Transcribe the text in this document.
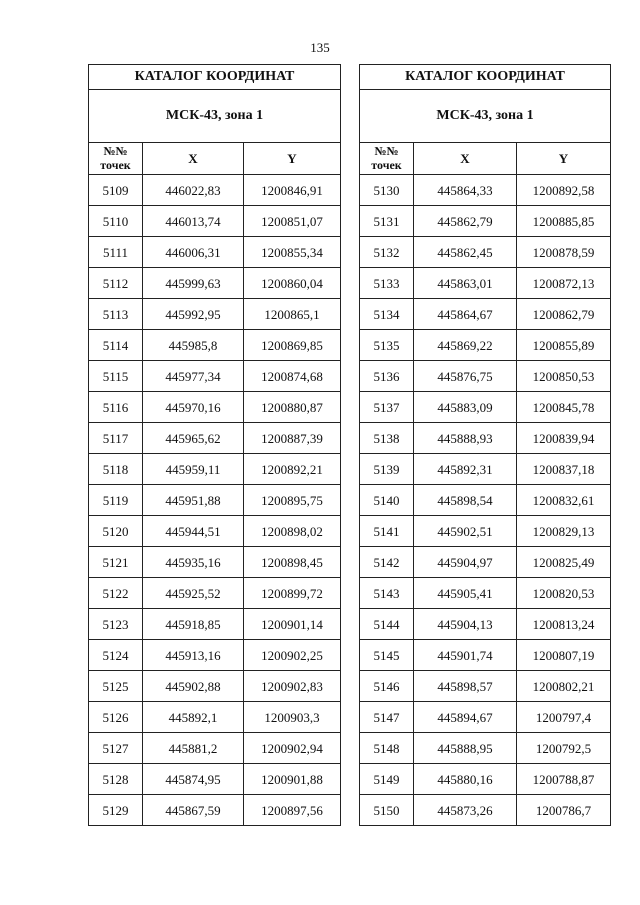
135
КАТАЛОГ КООРДИНАТ		
МСК-43, зона 1		

№№
точек	X	Y
5109	446022,83	1200846,91
5110	446013,74	1200851,07
5111	446006,31	1200855,34
5112	445999,63	1200860,04
5113	445992,95	1200865,1
5114	445985,8	1200869,85
5115	445977,34	1200874,68
5116	445970,16	1200880,87
5117	445965,62	1200887,39
5118	445959,11	1200892,21
5119	445951,88	1200895,75
5120	445944,51	1200898,02
5121	445935,16	1200898,45
5122	445925,52	1200899,72
5123	445918,85	1200901,14
5124	445913,16	1200902,25
5125	445902,88	1200902,83
5126	445892,1	1200903,3
5127	445881,2	1200902,94
5128	445874,95	1200901,88
5129	445867,59	1200897,56
КАТАЛОГ КООРДИНАТ		
МСК-43, зона 1		

№№
точек	X	Y
5130	445864,33	1200892,58
5131	445862,79	1200885,85
5132	445862,45	1200878,59
5133	445863,01	1200872,13
5134	445864,67	1200862,79
5135	445869,22	1200855,89
5136	445876,75	1200850,53
5137	445883,09	1200845,78
5138	445888,93	1200839,94
5139	445892,31	1200837,18
5140	445898,54	1200832,61
5141	445902,51	1200829,13
5142	445904,97	1200825,49
5143	445905,41	1200820,53
5144	445904,13	1200813,24
5145	445901,74	1200807,19
5146	445898,57	1200802,21
5147	445894,67	1200797,4
5148	445888,95	1200792,5
5149	445880,16	1200788,87
5150	445873,26	1200786,7
